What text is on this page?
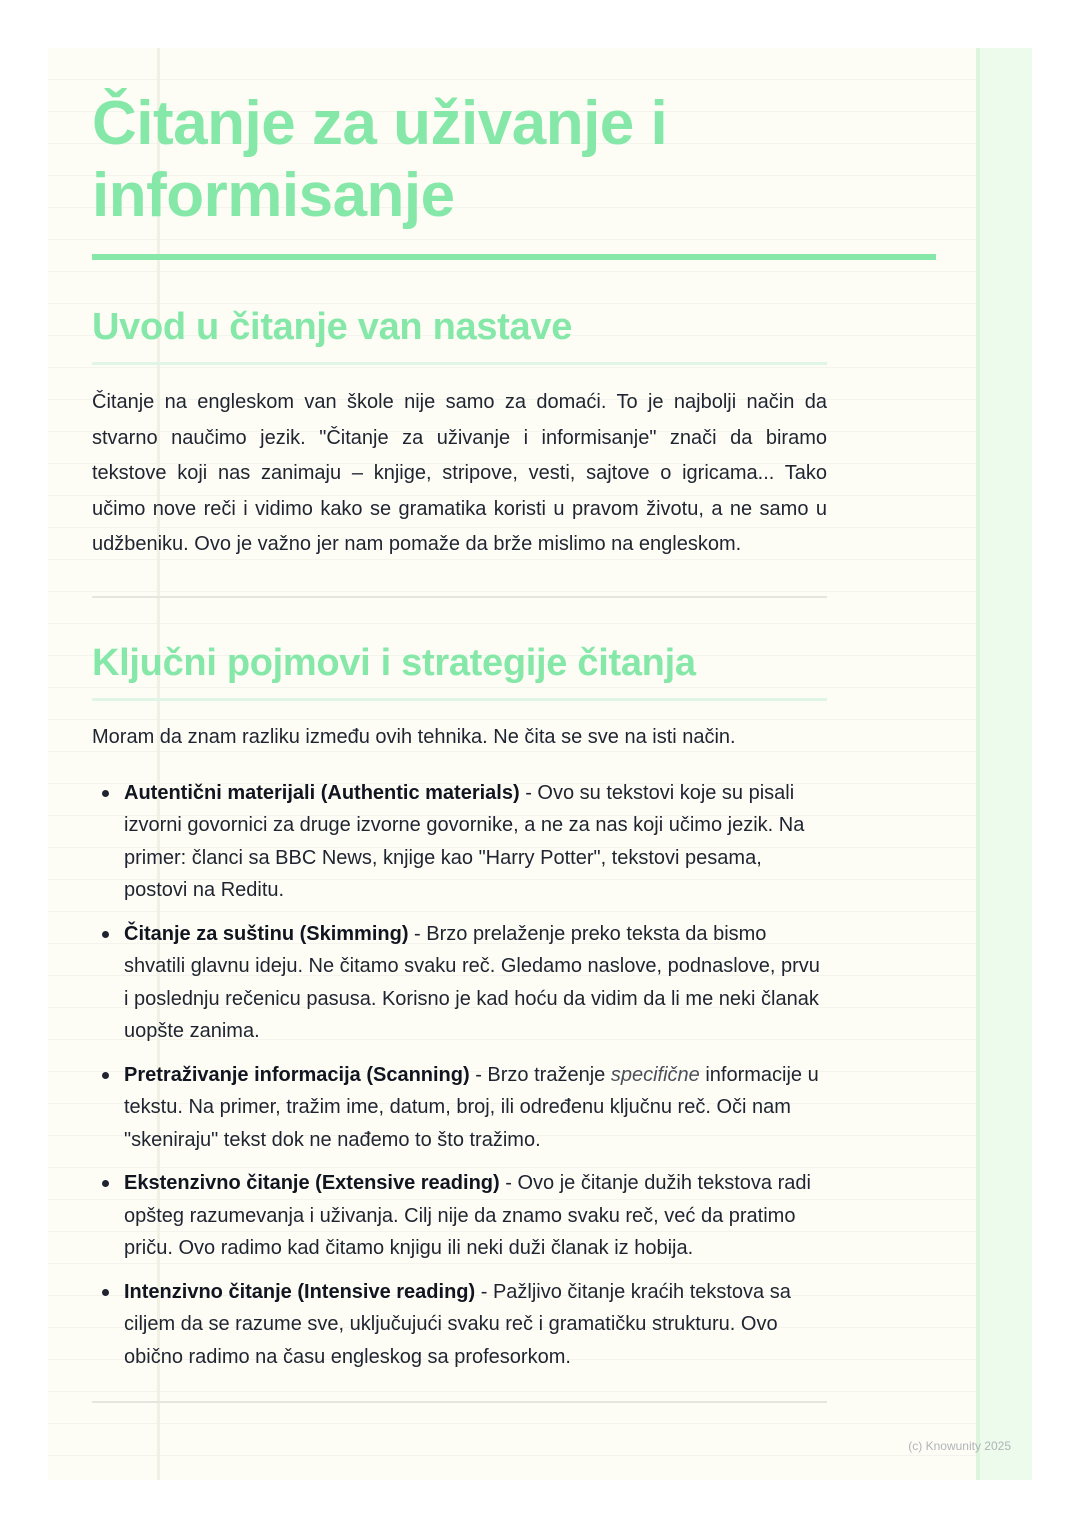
Čitanje za uživanje i informisanje
Uvod u čitanje van nastave

Čitanje na engleskom van škole nije samo za domaći. To je najbolji način da stvarno naučimo jezik. "Čitanje za uživanje i informisanje" znači da biramo tekstove koji nas zanimaju – knjige, stripove, vesti, sajtove o igricama... Tako učimo nove reči i vidimo kako se gramatika koristi u pravom životu, a ne samo u udžbeniku. Ovo je važno jer nam pomaže da brže mislimo na engleskom.

Ključni pojmovi i strategije čitanja

Moram da znam razliku između ovih tehnika. Ne čita se sve na isti način.

Autentični materijali (Authentic materials) - Ovo su tekstovi koje su pisali izvorni govornici za druge izvorne govornike, a ne za nas koji učimo jezik. Na primer: članci sa BBC News, knjige kao "Harry Potter", tekstovi pesama, postovi na Reditu.
Čitanje za suštinu (Skimming) - Brzo prelaženje preko teksta da bismo shvatili glavnu ideju. Ne čitamo svaku reč. Gledamo naslove, podnaslove, prvu i poslednju rečenicu pasusa. Korisno je kad hoću da vidim da li me neki članak uopšte zanima.
Pretraživanje informacija (Scanning) - Brzo traženje specifične informacije u tekstu. Na primer, tražim ime, datum, broj, ili određenu ključnu reč. Oči nam "skeniraju" tekst dok ne nađemo to što tražimo.
Ekstenzivno čitanje (Extensive reading) - Ovo je čitanje dužih tekstova radi opšteg razumevanja i uživanja. Cilj nije da znamo svaku reč, već da pratimo priču. Ovo radimo kad čitamo knjigu ili neki duži članak iz hobija.
Intenzivno čitanje (Intensive reading) - Pažljivo čitanje kraćih tekstova sa ciljem da se razume sve, uključujući svaku reč i gramatičku strukturu. Ovo obično radimo na času engleskog sa profesorkom.
(c) Knowunity 2025
